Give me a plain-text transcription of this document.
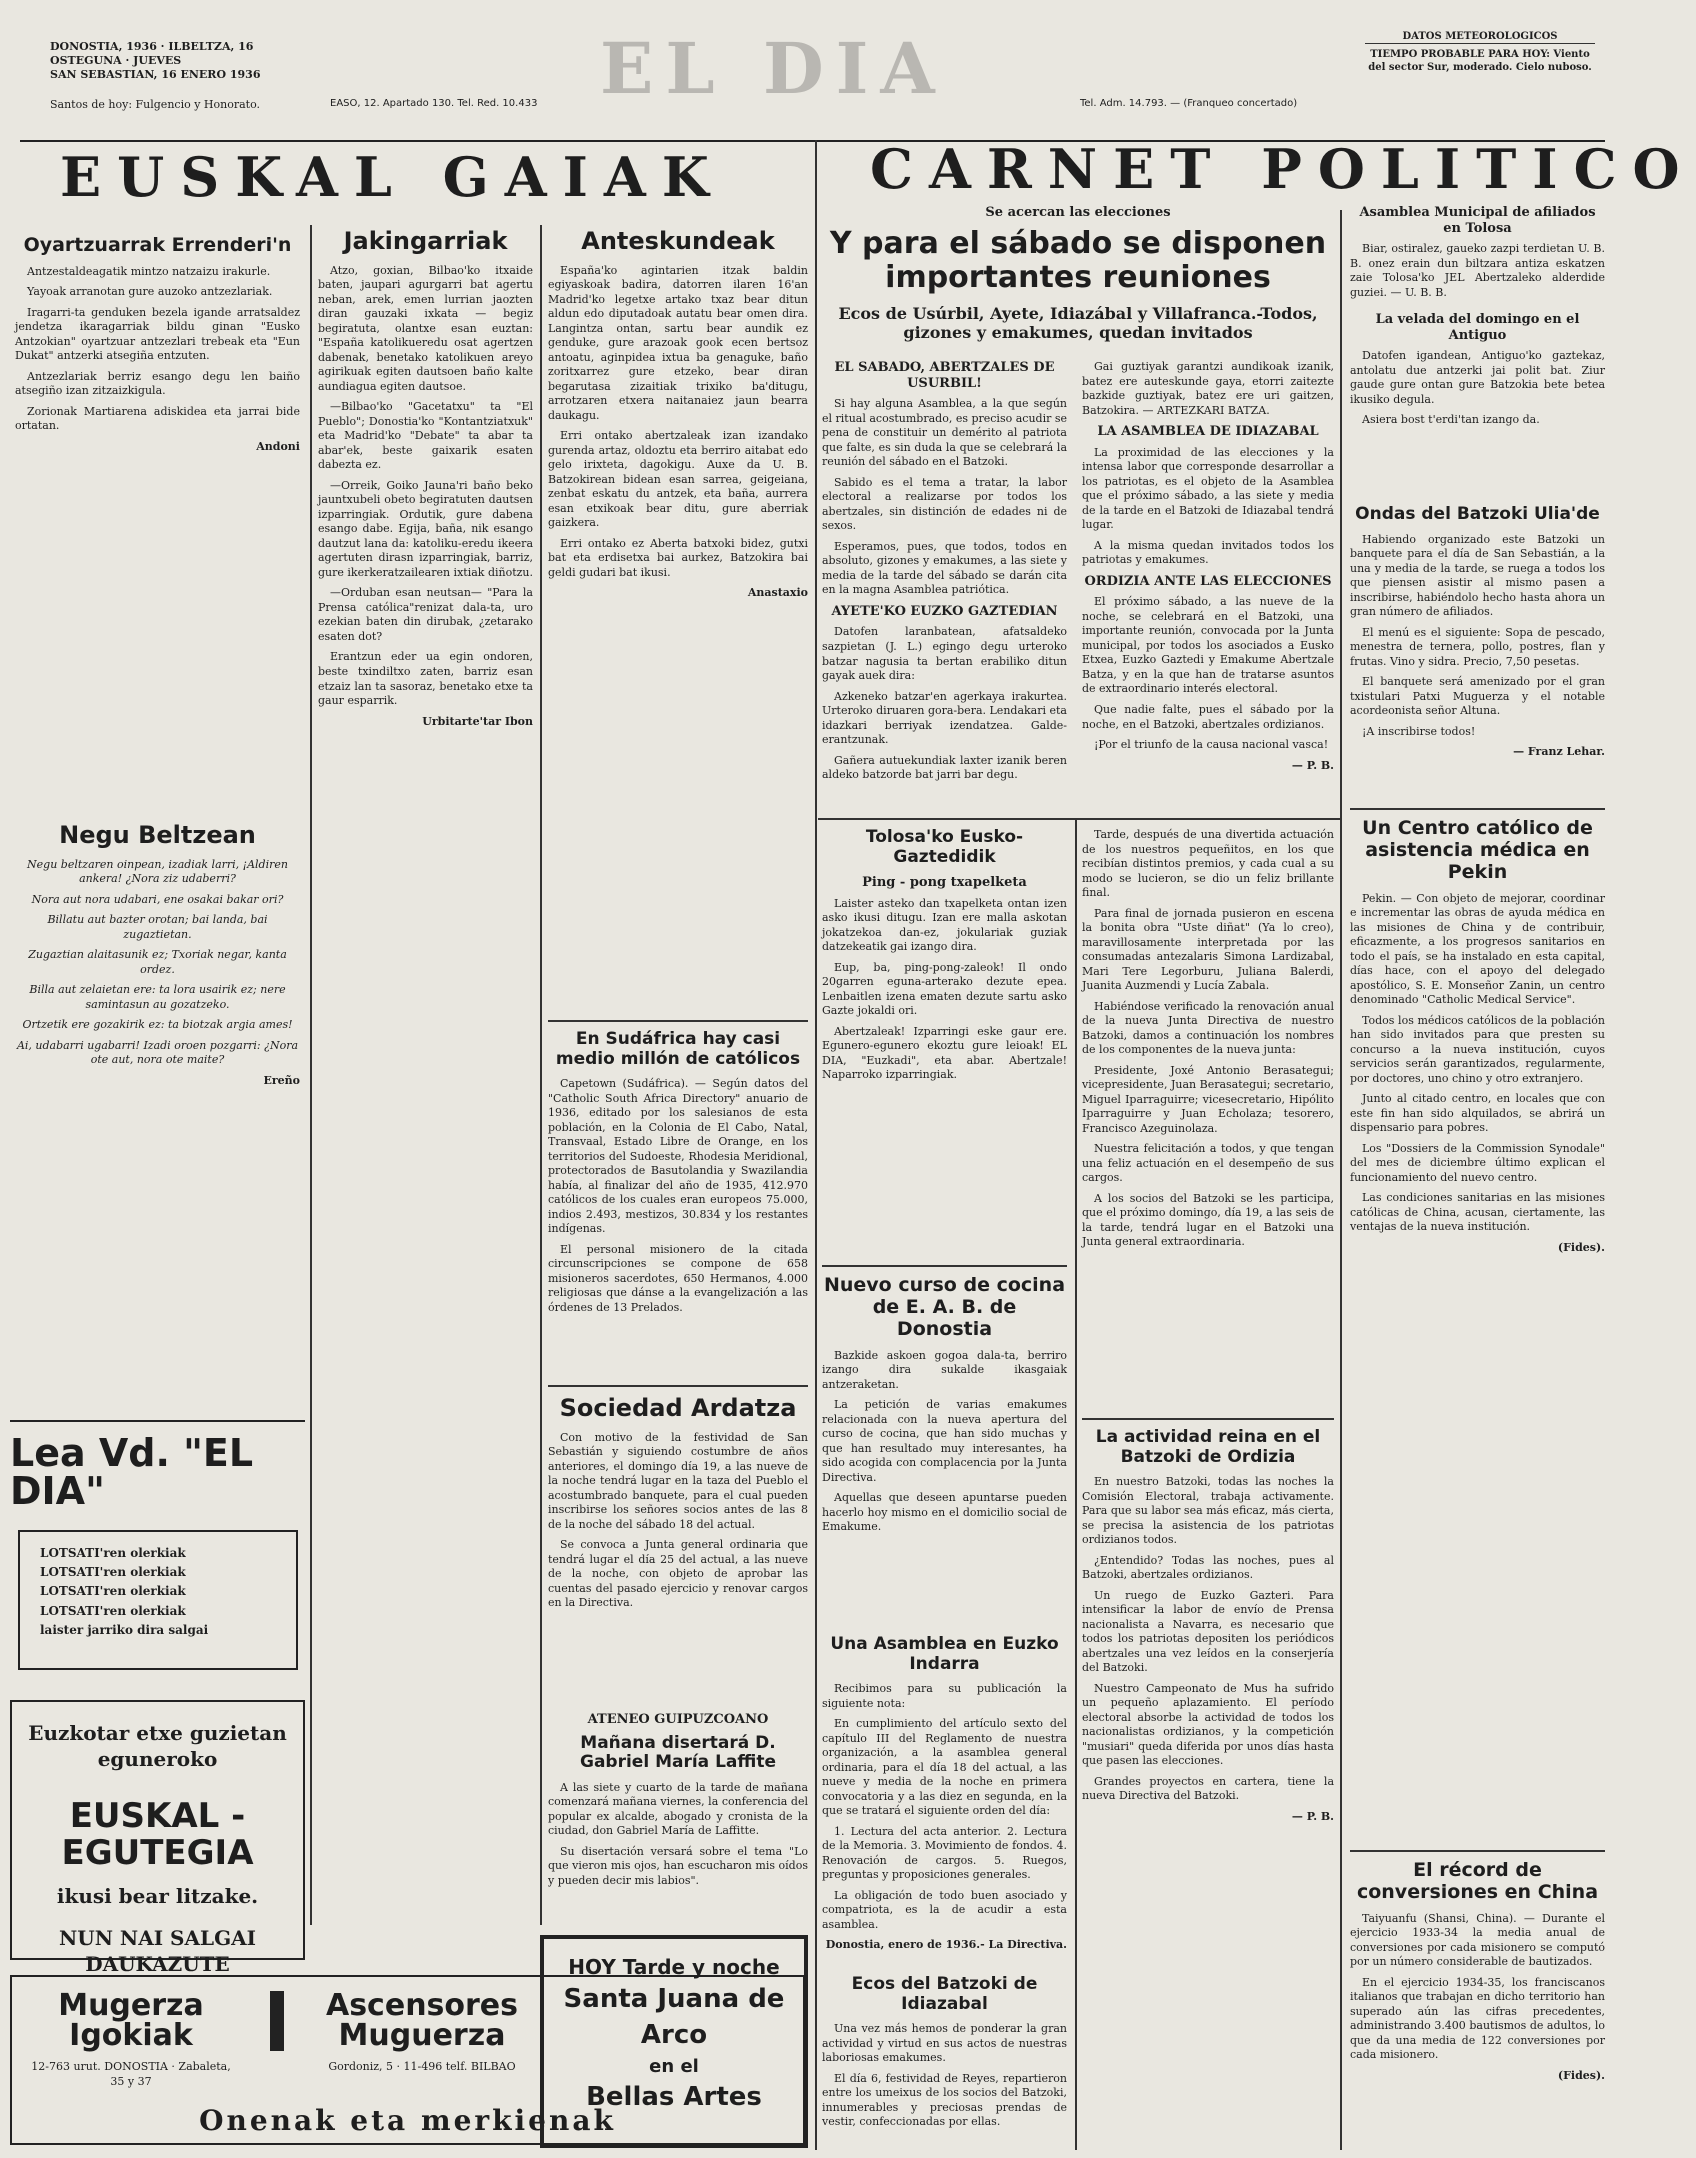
DONOSTIA, 1936 · ILBELTZA, 16
OSTEGUNA · JUEVES
SAN SEBASTIAN, 16 ENERO 1936
Santos de hoy: Fulgencio y Honorato.	EL DIA
EASO, 12. Apartado 130. Tel. Red. 10.433	Tel. Adm. 14.793. — (Franqueo concertado)
DATOS METEOROLOGICOS
TIEMPO PROBABLE PARA HOY: Viento del sector Sur, moderado. Cielo nuboso.
EUSKAL GAIAK	CARNET POLITICO
Oyartzuarrak Errenderi'n

Antzestaldeagatik mintzo natzaizu irakurle.

Yayoak arranotan gure auzoko antzezlariak.

Iragarri-ta genduken bezela igande arratsaldez jendetza ikaragarriak bildu ginan "Eusko Antzokian" oyartzuar antzezlari trebeak eta "Eun Dukat" antzerki atsegiña entzuten.

Antzezlariak berriz esango degu len baiño atsegiño izan zitzaizkigula.

Zorionak Martiarena adiskidea eta jarrai bide ortatan.

Andoni
Negu Beltzean

Negu beltzaren oinpean, izadiak larri, ¡Aldiren ankera! ¿Nora ziz udaberri?

Nora aut nora udabari, ene osakai bakar ori?

Billatu aut bazter orotan; bai landa, bai zugaztietan.

Zugaztian alaitasunik ez; Txoriak negar, kanta ordez.

Billa aut zelaietan ere: ta lora usairik ez; nere samintasun au gozatzeko.

Ortzetik ere gozakirik ez: ta biotzak argia ames!

Ai, udabarri ugabarri! Izadi oroen pozgarri: ¿Nora ote aut, nora ote maite?

Ereño
Lea Vd. "EL DIA"
LOTSATI'ren olerkiak
LOTSATI'ren olerkiak
LOTSATI'ren olerkiak
LOTSATI'ren olerkiak
laister jarriko dira salgai
Euzkotar etxe guzietan eguneroko
EUSKAL - EGUTEGIA
ikusi bear litzake.
NUN NAI SALGAI DAUKAZUTE
Jakingarriak

Atzo, goxian, Bilbao'ko itxaide baten, jaupari agurgarri bat agertu neban, arek, emen lurrian jaozten diran gauzaki ixkata — begiz begiratuta, olantxe esan euztan: "España katolikueredu osat agertzen dabenak, benetako katolikuen areyo agirikuak egiten dautsoen baño kalte aundiagua egiten dautsoe.

—Bilbao'ko "Gacetatxu" ta "El Pueblo"; Donostia'ko "Kontantziatxuk" eta Madrid'ko "Debate" ta abar ta abar'ek, beste gaixarik esaten dabezta ez.

—Orreik, Goiko Jauna'ri baño beko jauntxubeli obeto begiratuten dautsen izparringiak. Ordutik, gure dabena esango dabe. Egija, baña, nik esango dautzut lana da: katoliku-eredu ikeera agertuten dirasn izparringiak, barriz, gure ikerkeratzailearen ixtiak diñotzu.

—Orduban esan neutsan— "Para la Prensa católica"renizat dala-ta, uro ezekian baten din dirubak, ¿zetarako esaten dot?

Erantzun eder ua egin ondoren, beste txindiltxo zaten, barriz esan etzaiz lan ta sasoraz, benetako etxe ta gaur esparrik.

Urbitarte'tar Ibon
Anteskundeak

España'ko agintarien itzak baldin egiyaskoak badira, datorren ilaren 16'an Madrid'ko legetxe artako txaz bear ditun aldun edo diputadoak autatu bear omen dira. Langintza ontan, sartu bear aundik ez genduke, gure arazoak gook ecen bertsoz antoatu, aginpidea ixtua ba genaguke, baño zoritxarrez gure etzeko, bear diran begarutasa zizaitiak trixiko ba'ditugu, arrotzaren etxera naitanaiez jaun bearra daukagu.

Erri ontako abertzaleak izan izandako gurenda artaz, oldoztu eta berriro aitabat edo gelo irixteta, dagokigu. Auxe da U. B. Batzokirean bidean esan sarrea, geigeiana, zenbat eskatu du antzek, eta baña, aurrera esan etxikoak bear ditu, gure aberriak gaizkera.

Erri ontako ez Aberta batxoki bidez, gutxi bat eta erdisetxa bai aurkez, Batzokira bai geldi gudari bat ikusi.

Anastaxio
En Sudáfrica hay casi medio millón de católicos

Capetown (Sudáfrica). — Según datos del "Catholic South Africa Directory" anuario de 1936, editado por los salesianos de esta población, en la Colonia de El Cabo, Natal, Transvaal, Estado Libre de Orange, en los territorios del Sudoeste, Rhodesia Meridional, protectorados de Basutolandia y Swazilandia había, al finalizar del año de 1935, 412.970 católicos de los cuales eran europeos 75.000, indios 2.493, mestizos, 30.834 y los restantes indígenas.

El personal misionero de la citada circunscripciones se compone de 658 misioneros sacerdotes, 650 Hermanos, 4.000 religiosas que dánse a la evangelización a las órdenes de 13 Prelados.

Sociedad Ardatza

Con motivo de la festividad de San Sebastián y siguiendo costumbre de años anteriores, el domingo día 19, a las nueve de la noche tendrá lugar en la taza del Pueblo el acostumbrado banquete, para el cual pueden inscribirse los señores socios antes de las 8 de la noche del sábado 18 del actual.

Se convoca a Junta general ordinaria que tendrá lugar el día 25 del actual, a las nueve de la noche, con objeto de aprobar las cuentas del pasado ejercicio y renovar cargos en la Directiva.

ATENEO GUIPUZCOANO
Mañana disertará D. Gabriel María Laffite

A las siete y cuarto de la tarde de mañana comenzará mañana viernes, la conferencia del popular ex alcalde, abogado y cronista de la ciudad, don Gabriel María de Laffitte.

Su disertación versará sobre el tema "Lo que vieron mis ojos, han escucharon mis oídos y pueden decir mis labios".

Se acercan las elecciones
Y para el sábado se disponen importantes reuniones
Ecos de Usúrbil, Ayete, Idiazábal y Villafranca.-Todos, gizones y emakumes, quedan invitados
EL SABADO, ABERTZALES DE USURBIL!

Si hay alguna Asamblea, a la que según el ritual acostumbrado, es preciso acudir se pena de constituir un demérito al patriota que falte, es sin duda la que se celebrará la reunión del sábado en el Batzoki.

Sabido es el tema a tratar, la labor electoral a realizarse por todos los abertzales, sin distinción de edades ni de sexos.

Esperamos, pues, que todos, todos en absoluto, gizones y emakumes, a las siete y media de la tarde del sábado se darán cita en la magna Asamblea patriótica.

AYETE'KO EUZKO GAZTEDIAN

Datofen laranbatean, afatsaldeko sazpietan (J. L.) egingo degu urteroko batzar nagusia ta bertan erabiliko ditun gayak auek dira:

Azkeneko batzar'en agerkaya irakurtea. Urteroko diruaren gora-bera. Lendakari eta idazkari berriyak izendatzea. Galde-erantzunak.

Gañera autuekundiak laxter izanik beren aldeko batzorde bat jarri bar degu.

Gai guztiyak garantzi aundikoak izanik, batez ere auteskunde gaya, etorri zaitezte bazkide guztiyak, batez ere uri gaitzen, Batzokira. — ARTEZKARI BATZA.

LA ASAMBLEA DE IDIAZABAL

La proximidad de las elecciones y la intensa labor que corresponde desarrollar a los patriotas, es el objeto de la Asamblea que el próximo sábado, a las siete y media de la tarde en el Batzoki de Idiazabal tendrá lugar.

A la misma quedan invitados todos los patriotas y emakumes.

ORDIZIA ANTE LAS ELECCIONES

El próximo sábado, a las nueve de la noche, se celebrará en el Batzoki, una importante reunión, convocada por la Junta municipal, por todos los asociados a Eusko Etxea, Euzko Gaztedi y Emakume Abertzale Batza, y en la que han de tratarse asuntos de extraordinario interés electoral.

Que nadie falte, pues el sábado por la noche, en el Batzoki, abertzales ordizianos.

¡Por el triunfo de la causa nacional vasca!

— P. B.
Tolosa'ko Eusko-Gaztedidik
Ping - pong txapelketa

Laister asteko dan txapelketa ontan izen asko ikusi ditugu. Izan ere malla askotan jokatzekoa dan-ez, jokulariak guziak datzekeatik gai izango dira.

Eup, ba, ping-pong-zaleok! Il ondo 20garren eguna-arterako dezute epea. Lenbaitlen izena ematen dezute sartu asko Gazte jokaldi ori.

Abertzaleak! Izparringi eske gaur ere. Egunero-egunero ekoztu gure leioak! EL DIA, "Euzkadi", eta abar. Abertzale! Naparroko izparringiak.

Nuevo curso de cocina de E. A. B. de Donostia

Bazkide askoen gogoa dala-ta, berriro izango dira sukalde ikasgaiak antzeraketan.

La petición de varias emakumes relacionada con la nueva apertura del curso de cocina, que han sido muchas y que han resultado muy interesantes, ha sido acogida con complacencia por la Junta Directiva.

Aquellas que deseen apuntarse pueden hacerlo hoy mismo en el domicilio social de Emakume.

Una Asamblea en Euzko Indarra

Recibimos para su publicación la siguiente nota:

En cumplimiento del artículo sexto del capítulo III del Reglamento de nuestra organización, a la asamblea general ordinaria, para el día 18 del actual, a las nueve y media de la noche en primera convocatoria y a las diez en segunda, en la que se tratará el siguiente orden del día:

1. Lectura del acta anterior. 2. Lectura de la Memoria. 3. Movimiento de fondos. 4. Renovación de cargos. 5. Ruegos, preguntas y proposiciones generales.

La obligación de todo buen asociado y compatriota, es la de acudir a esta asamblea.

Donostia, enero de 1936.- La Directiva.
Ecos del Batzoki de Idiazabal

Una vez más hemos de ponderar la gran actividad y virtud en sus actos de nuestras laboriosas emakumes.

El día 6, festividad de Reyes, repartieron entre los umeixus de los socios del Batzoki, innumerables y preciosas prendas de vestir, confeccionadas por ellas.

Tarde, después de una divertida actuación de los nuestros pequeñitos, en los que recibían distintos premios, y cada cual a su modo se lucieron, se dio un feliz brillante final.

Para final de jornada pusieron en escena la bonita obra "Uste diñat" (Ya lo creo), maravillosamente interpretada por las consumadas antezalaris Simona Lardizabal, Mari Tere Legorburu, Juliana Balerdi, Juanita Auzmendi y Lucía Zabala.

Habiéndose verificado la renovación anual de la nueva Junta Directiva de nuestro Batzoki, damos a continuación los nombres de los componentes de la nueva junta:

Presidente, Joxé Antonio Berasategui; vicepresidente, Juan Berasategui; secretario, Miguel Iparraguirre; vicesecretario, Hipólito Iparraguirre y Juan Echolaza; tesorero, Francisco Azeguinolaza.

Nuestra felicitación a todos, y que tengan una feliz actuación en el desempeño de sus cargos.

A los socios del Batzoki se les participa, que el próximo domingo, día 19, a las seis de la tarde, tendrá lugar en el Batzoki una Junta general extraordinaria.

La actividad reina en el Batzoki de Ordizia

En nuestro Batzoki, todas las noches la Comisión Electoral, trabaja activamente. Para que su labor sea más eficaz, más cierta, se precisa la asistencia de los patriotas ordizianos todos.

¿Entendido? Todas las noches, pues al Batzoki, abertzales ordizianos.

Un ruego de Euzko Gazteri. Para intensificar la labor de envío de Prensa nacionalista a Navarra, es necesario que todos los patriotas depositen los periódicos abertzales una vez leídos en la conserjería del Batzoki.

Nuestro Campeonato de Mus ha sufrido un pequeño aplazamiento. El período electoral absorbe la actividad de todos los nacionalistas ordizianos, y la competición "musiari" queda diferida por unos días hasta que pasen las elecciones.

Grandes proyectos en cartera, tiene la nueva Directiva del Batzoki.

— P. B.
Asamblea Municipal de afiliados en Tolosa

Biar, ostiralez, gaueko zazpi terdietan U. B. B. onez erain dun biltzara antiza eskatzen zaie Tolosa'ko JEL Abertzaleko alderdide guziei. — U. B. B.

La velada del domingo en el Antiguo

Datofen igandean, Antiguo'ko gaztekaz, antolatu due antzerki jai polit bat. Ziur gaude gure ontan gure Batzokia bete betea ikusiko degula.

Asiera bost t'erdi'tan izango da.

Ondas del Batzoki Ulia'de

Habiendo organizado este Batzoki un banquete para el día de San Sebastián, a la una y media de la tarde, se ruega a todos los que piensen asistir al mismo pasen a inscribirse, habiéndolo hecho hasta ahora un gran número de afiliados.

El menú es el siguiente: Sopa de pescado, menestra de ternera, pollo, postres, flan y frutas. Vino y sidra. Precio, 7,50 pesetas.

El banquete será amenizado por el gran txistulari Patxi Muguerza y el notable acordeonista señor Altuna.

¡A inscribirse todos!

— Franz Lehar.
Un Centro católico de asistencia médica en Pekin

Pekin. — Con objeto de mejorar, coordinar e incrementar las obras de ayuda médica en las misiones de China y de contribuir, eficazmente, a los progresos sanitarios en todo el país, se ha instalado en esta capital, días hace, con el apoyo del delegado apostólico, S. E. Monseñor Zanin, un centro denominado "Catholic Medical Service".

Todos los médicos católicos de la población han sido invitados para que presten su concurso a la nueva institución, cuyos servicios serán garantizados, regularmente, por doctores, uno chino y otro extranjero.

Junto al citado centro, en locales que con este fin han sido alquilados, se abrirá un dispensario para pobres.

Los "Dossiers de la Commission Synodale" del mes de diciembre último explican el funcionamiento del nuevo centro.

Las condiciones sanitarias en las misiones católicas de China, acusan, ciertamente, las ventajas de la nueva institución.

(Fides).
El récord de conversiones en China

Taiyuanfu (Shansi, China). — Durante el ejercicio 1933-34 la media anual de conversiones por cada misionero se computó por un número considerable de bautizados.

En el ejercicio 1934-35, los franciscanos italianos que trabajan en dicho territorio han superado aún las cifras precedentes, administrando 3.400 bautismos de adultos, lo que da una media de 122 conversiones por cada misionero.

(Fides).
Mugerza Igokiak
12-763 urut. DONOSTIA · Zabaleta, 35 y 37
Ascensores Muguerza
Gordoniz, 5 · 11-496 telf. BILBAO
Onenak eta merkienak
HOY Tarde y noche
Santa Juana de Arco
en el
Bellas Artes
